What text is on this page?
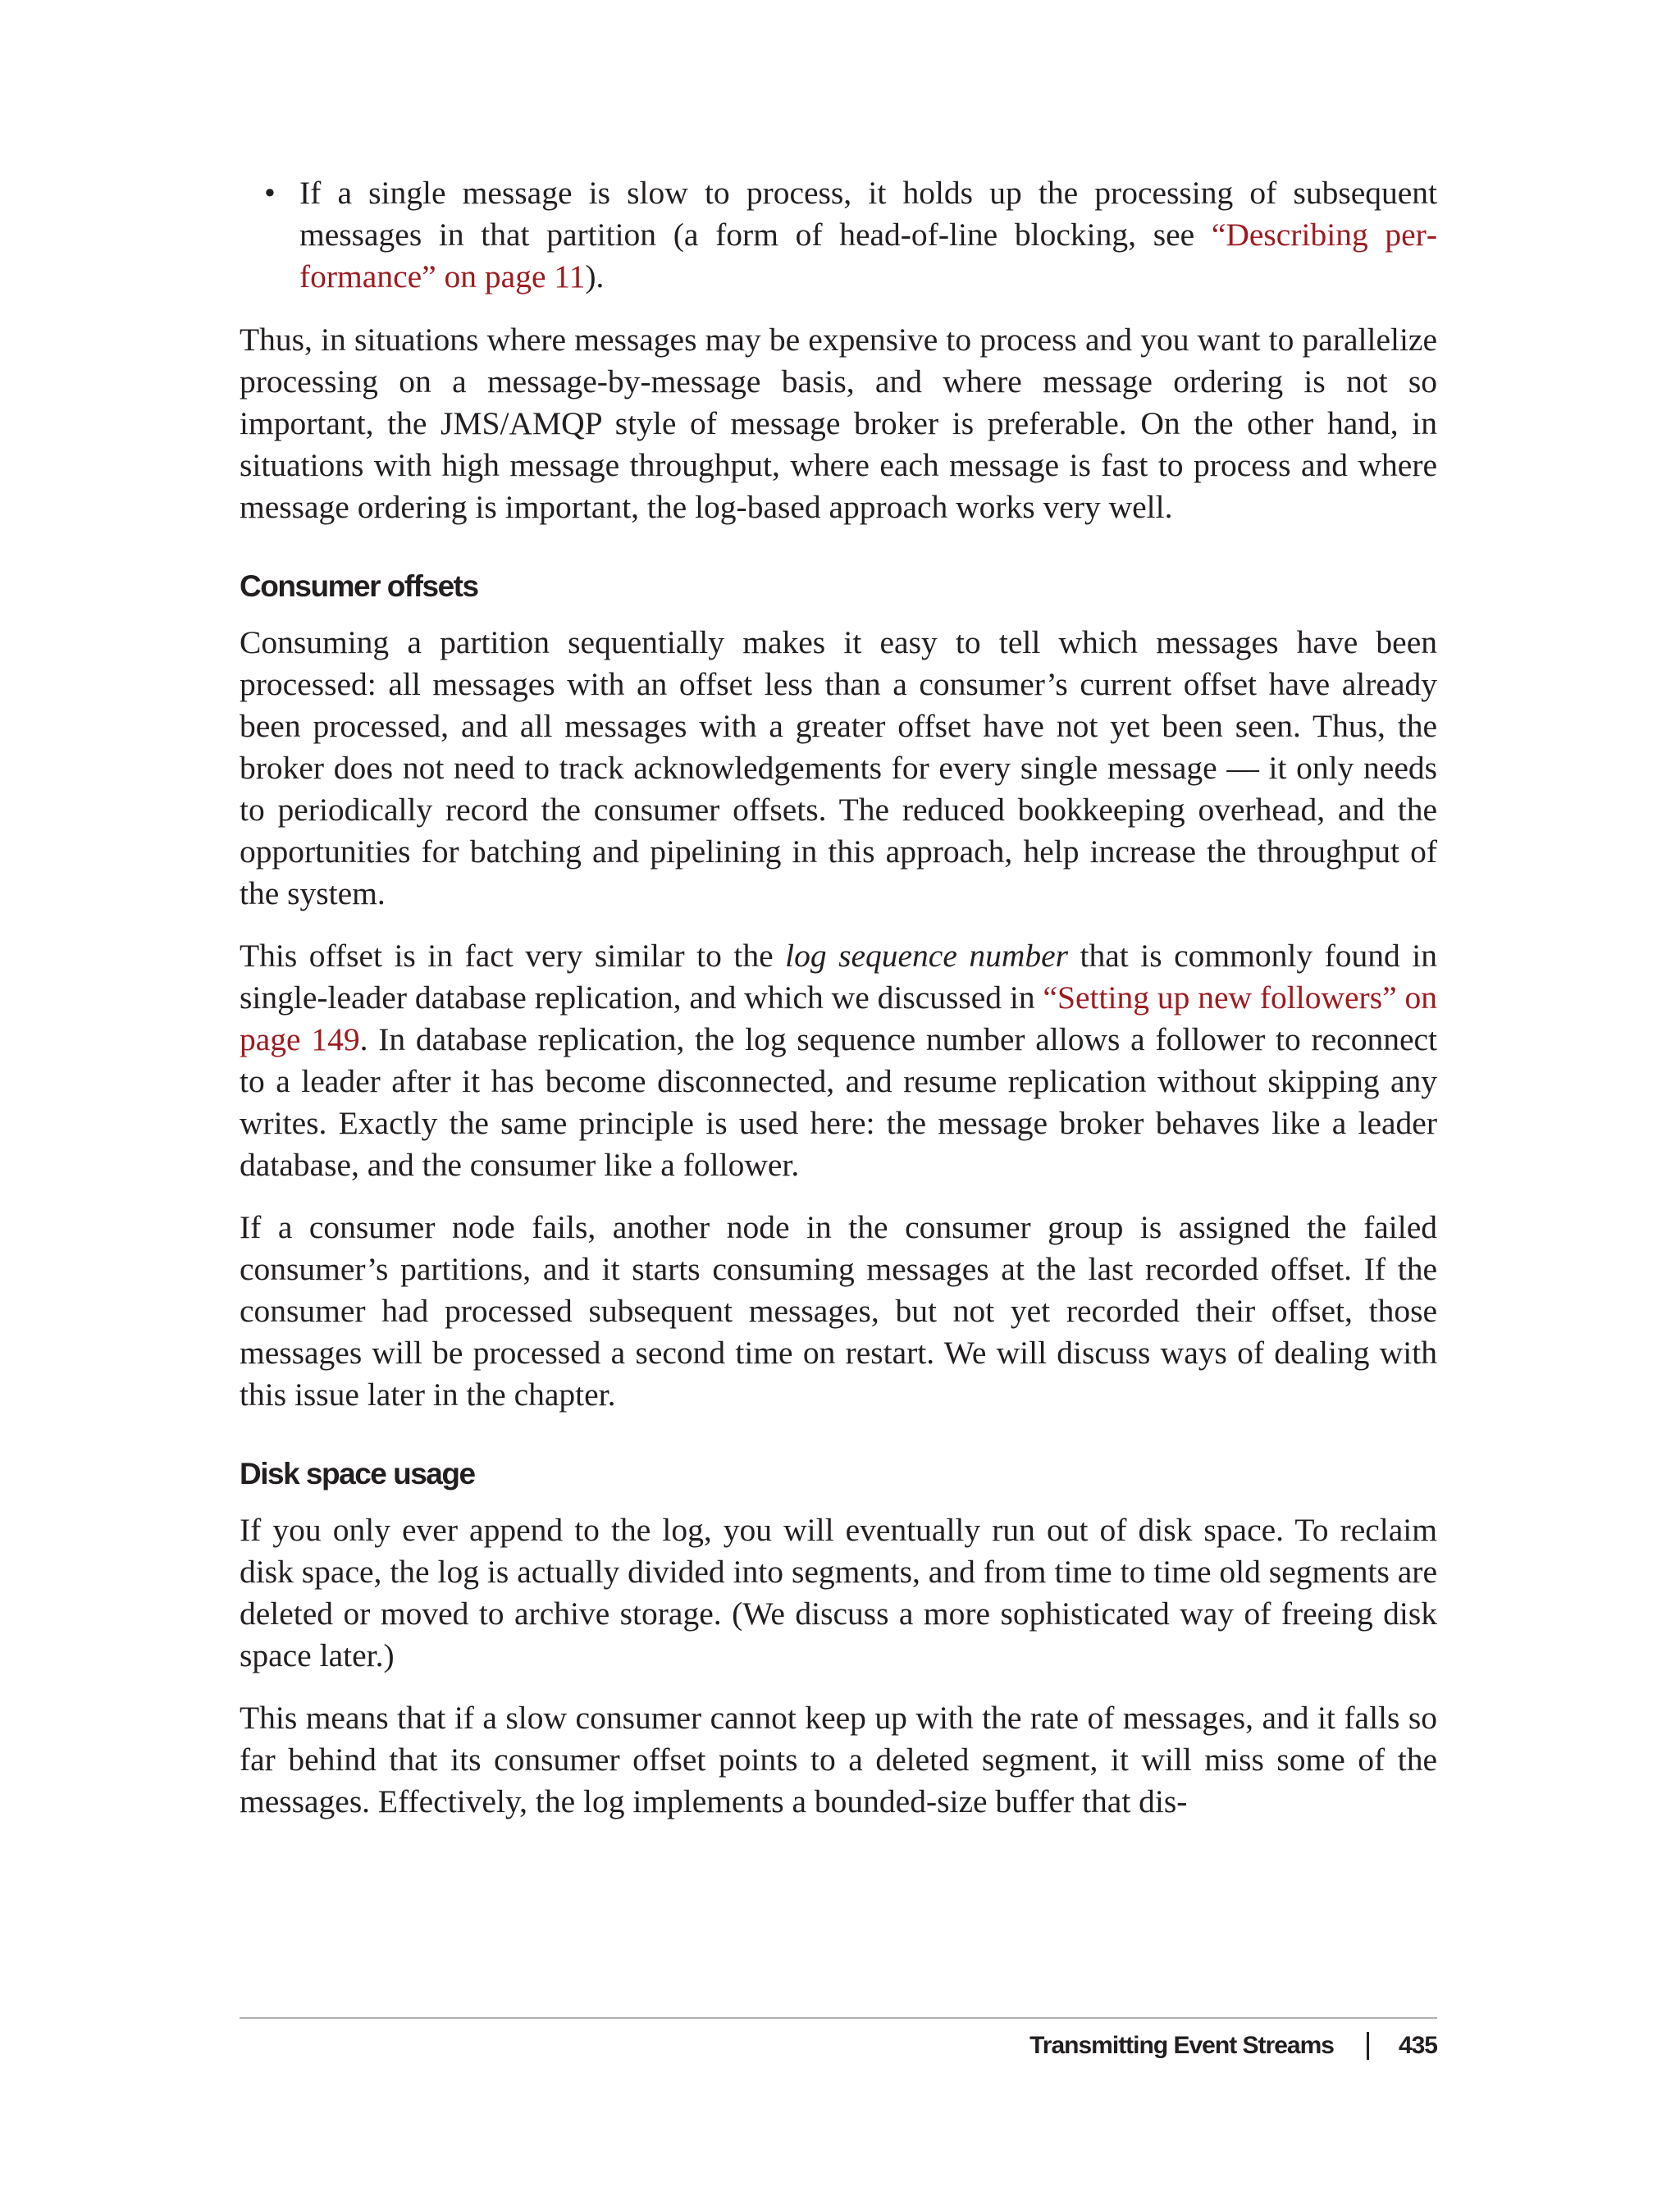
• If a single message is slow to process, it holds up the processing of subsequent messages in that partition (a form of head-of-line blocking, see “Describing performance” on page 11).

Thus, in situations where messages may be expensive to process and you want to parallelize processing on a message-by-message basis, and where message ordering is not so important, the JMS/AMQP style of message broker is preferable. On the other hand, in situations with high message throughput, where each message is fast to process and where message ordering is important, the log-based approach works very well.

Consumer offsets

Consuming a partition sequentially makes it easy to tell which messages have been processed: all messages with an offset less than a consumer’s current offset have already been processed, and all messages with a greater offset have not yet been seen. Thus, the broker does not need to track acknowledgements for every single message — it only needs to periodically record the consumer offsets. The reduced bookkeeping overhead, and the opportunities for batching and pipelining in this approach, help increase the throughput of the system.

This offset is in fact very similar to the log sequence number that is commonly found in single-leader database replication, and which we discussed in “Setting up new followers” on page 149. In database replication, the log sequence number allows a follower to reconnect to a leader after it has become disconnected, and resume replication without skipping any writes. Exactly the same principle is used here: the message broker behaves like a leader database, and the consumer like a follower.

If a consumer node fails, another node in the consumer group is assigned the failed consumer’s partitions, and it starts consuming messages at the last recorded offset. If the consumer had processed subsequent messages, but not yet recorded their offset, those messages will be processed a second time on restart. We will discuss ways of dealing with this issue later in the chapter.

Disk space usage

If you only ever append to the log, you will eventually run out of disk space. To reclaim disk space, the log is actually divided into segments, and from time to time old segments are deleted or moved to archive storage. (We discuss a more sophisticated way of freeing disk space later.)

This means that if a slow consumer cannot keep up with the rate of messages, and it falls so far behind that its consumer offset points to a deleted segment, it will miss some of the messages. Effectively, the log implements a bounded-size buffer that dis-

Transmitting Event Streams	435
